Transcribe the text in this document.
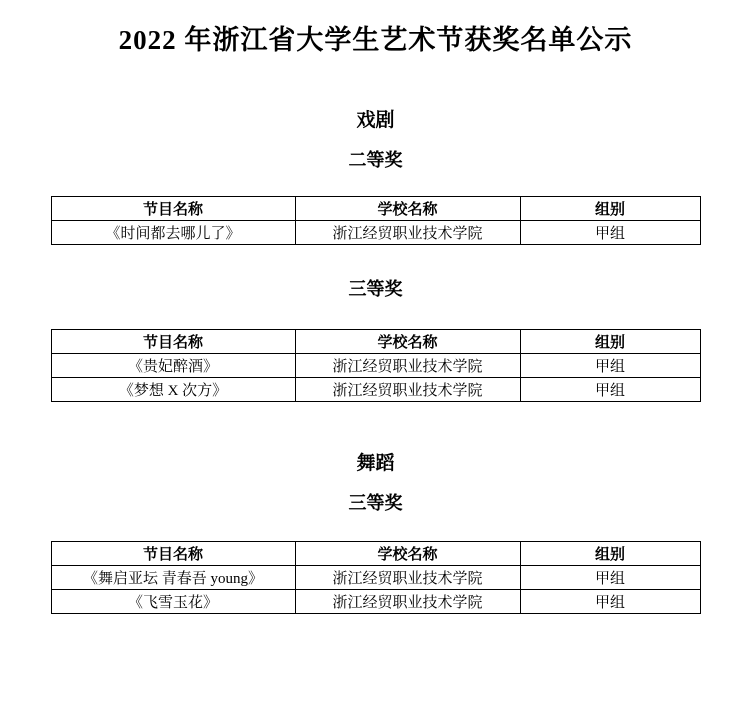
2022 年浙江省大学生艺术节获奖名单公示
戏剧
二等奖
节目名称	学校名称	组别
《时间都去哪儿了》	浙江经贸职业技术学院	甲组
三等奖
节目名称	学校名称	组别
《贵妃醉酒》	浙江经贸职业技术学院	甲组
《梦想 X 次方》	浙江经贸职业技术学院	甲组
舞蹈
三等奖
节目名称	学校名称	组别
《舞启亚坛 青春吾 young》	浙江经贸职业技术学院	甲组
《飞雪玉花》	浙江经贸职业技术学院	甲组
